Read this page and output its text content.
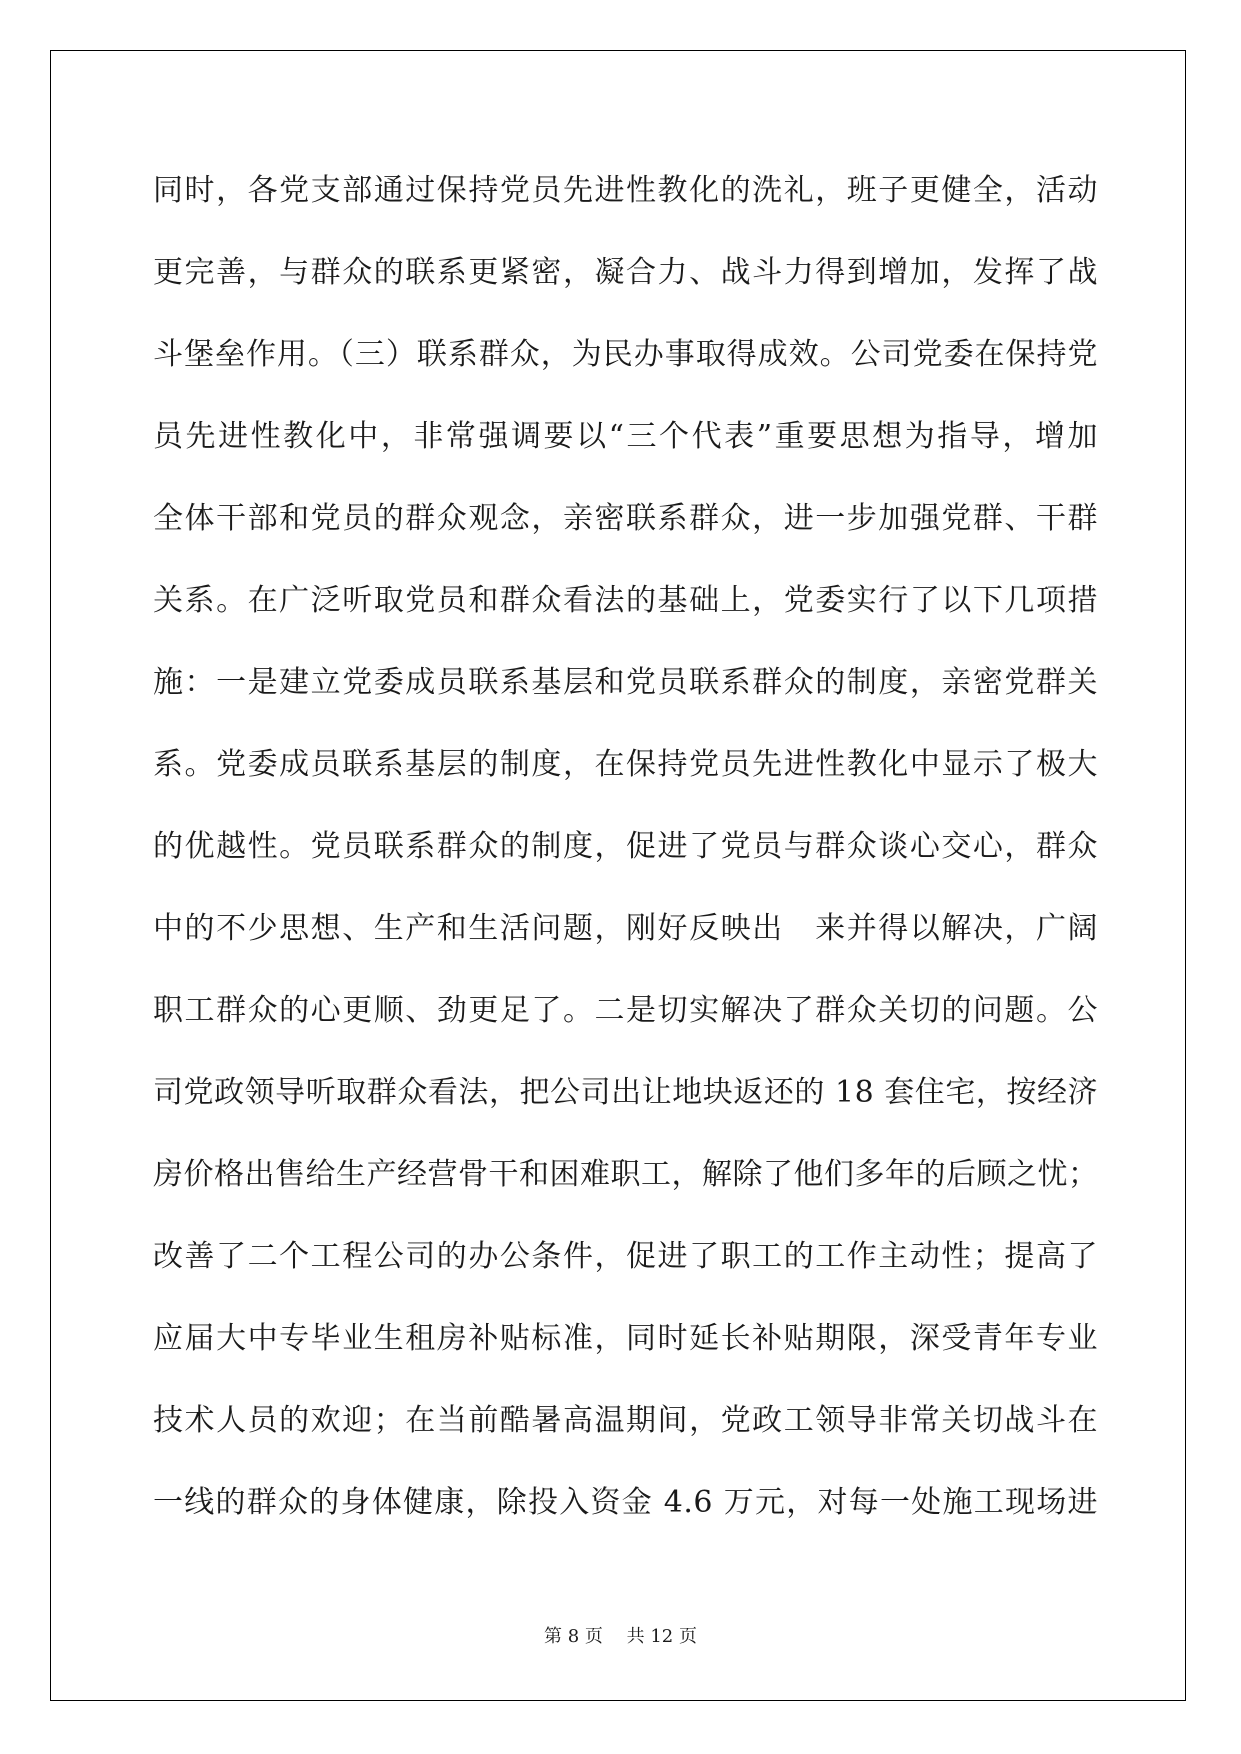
同时，各党支部通过保持党员先进性教化的洗礼，班子更健全，活动
更完善，与群众的联系更紧密，凝合力、战斗力得到增加，发挥了战
斗堡垒作用。（三）联系群众，为民办事取得成效。公司党委在保持党
员先进性教化中，非常强调要以“三个代表”重要思想为指导，增加
全体干部和党员的群众观念，亲密联系群众，进一步加强党群、干群
关系。在广泛听取党员和群众看法的基础上，党委实行了以下几项措
施：一是建立党委成员联系基层和党员联系群众的制度，亲密党群关
系。党委成员联系基层的制度，在保持党员先进性教化中显示了极大
的优越性。党员联系群众的制度，促进了党员与群众谈心交心，群众
中的不少思想、生产和生活问题，刚好反映出　来并得以解决，广阔
职工群众的心更顺、劲更足了。二是切实解决了群众关切的问题。公
司党政领导听取群众看法，把公司出让地块返还的 18 套住宅，按经济
房价格出售给生产经营骨干和困难职工，解除了他们多年的后顾之忧；
改善了二个工程公司的办公条件，促进了职工的工作主动性；提高了
应届大中专毕业生租房补贴标准，同时延长补贴期限，深受青年专业
技术人员的欢迎；在当前酷暑高温期间，党政工领导非常关切战斗在
一线的群众的身体健康，除投入资金 4.6 万元，对每一处施工现场进
第 8 页　 共 12 页
